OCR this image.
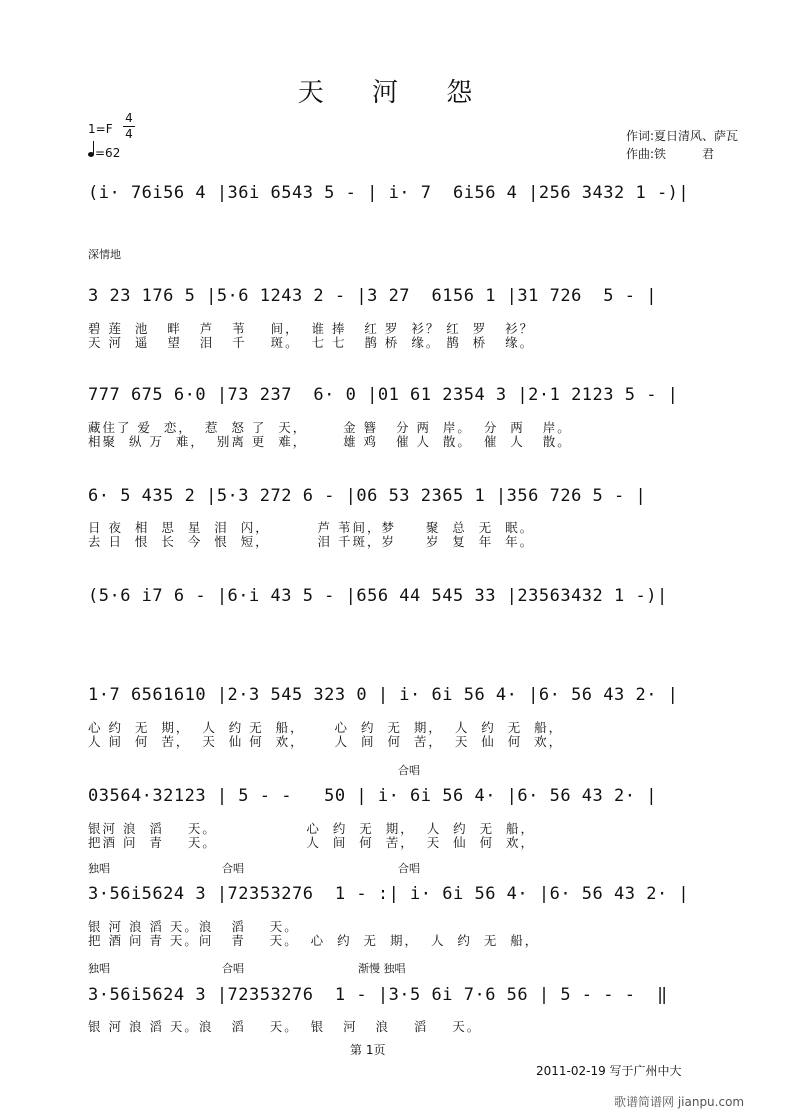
天 河 怨
1=F
4
4
=62
作词:夏日清风、萨瓦
作曲:铁　　　君
(i· 76i56 4 |36i 6543 5 - | i· 7  6i56 4 |256 3432 1 -)|
深情地
3 23 176 5 |5·6 1243 2 - |3 27  6156 1 |31 726  5 - |
碧 莲  池   畔   芦   苇    间，  谁 捧   红 罗  衫？ 红  罗   衫？
天 河  遥   望   泪   千    斑。  七 七   鹊 桥  缘。 鹊  桥   缘。
777 675 6·0 |73 237  6· 0 |01 61 2354 3 |2·1 2123 5 - |
藏住了 爱  恋，  惹  怒 了  天，      金 簪   分 两  岸。  分  两   岸。
相聚  纵 万  难，  别离 更  难，      雄 鸡   催 人  散。  催  人   散。
6· 5 435 2 |5·3 272 6 - |06 53 2365 1 |356 726 5 - |
日 夜  相  思  星  泪  闪，        芦 苇间，梦     聚  总  无  眠。
去 日  恨  长  今  恨  短，        泪 千斑，岁     岁  复  年  年。
(5·6 i7 6 - |6·i 43 5 - |656 44 545 33 |23563432 1 -)|
1·7 6561610 |2·3 545 323 0 | i· 6i 56 4· |6· 56 43 2· |
心 约  无  期，  人  约 无  船，     心  约  无  期，  人  约  无  船，
人 间  何  苦，  天  仙 何  欢，     人  间  何  苦，  天  仙  何  欢，
合唱
03564·32123 | 5 - -   50 | i· 6i 56 4· |6· 56 43 2· |
银河 浪  滔    天。               心  约  无  期，  人  约  无  船，
把酒 问  青    天。               人  间  何  苦，  天  仙  何  欢，
独唱	合唱	合唱
3·56i5624 3 |72353276  1 - :| i· 6i 56 4· |6· 56 43 2· |
银 河 浪 滔 天。浪   滔    天。
把 酒 问 青 天。问   青    天。  心  约  无  期，  人  约  无  船，
独唱	合唱	渐慢 独唱
3·56i5624 3 |72353276  1 - |3·5 6i 7·6 56 | 5 - - -  ‖
银 河 浪 滔 天。浪   滔    天。  银   河   浪    滔    天。
第 1页
2011-02-19 写于广州中大
歌谱简谱网 jianpu.com
